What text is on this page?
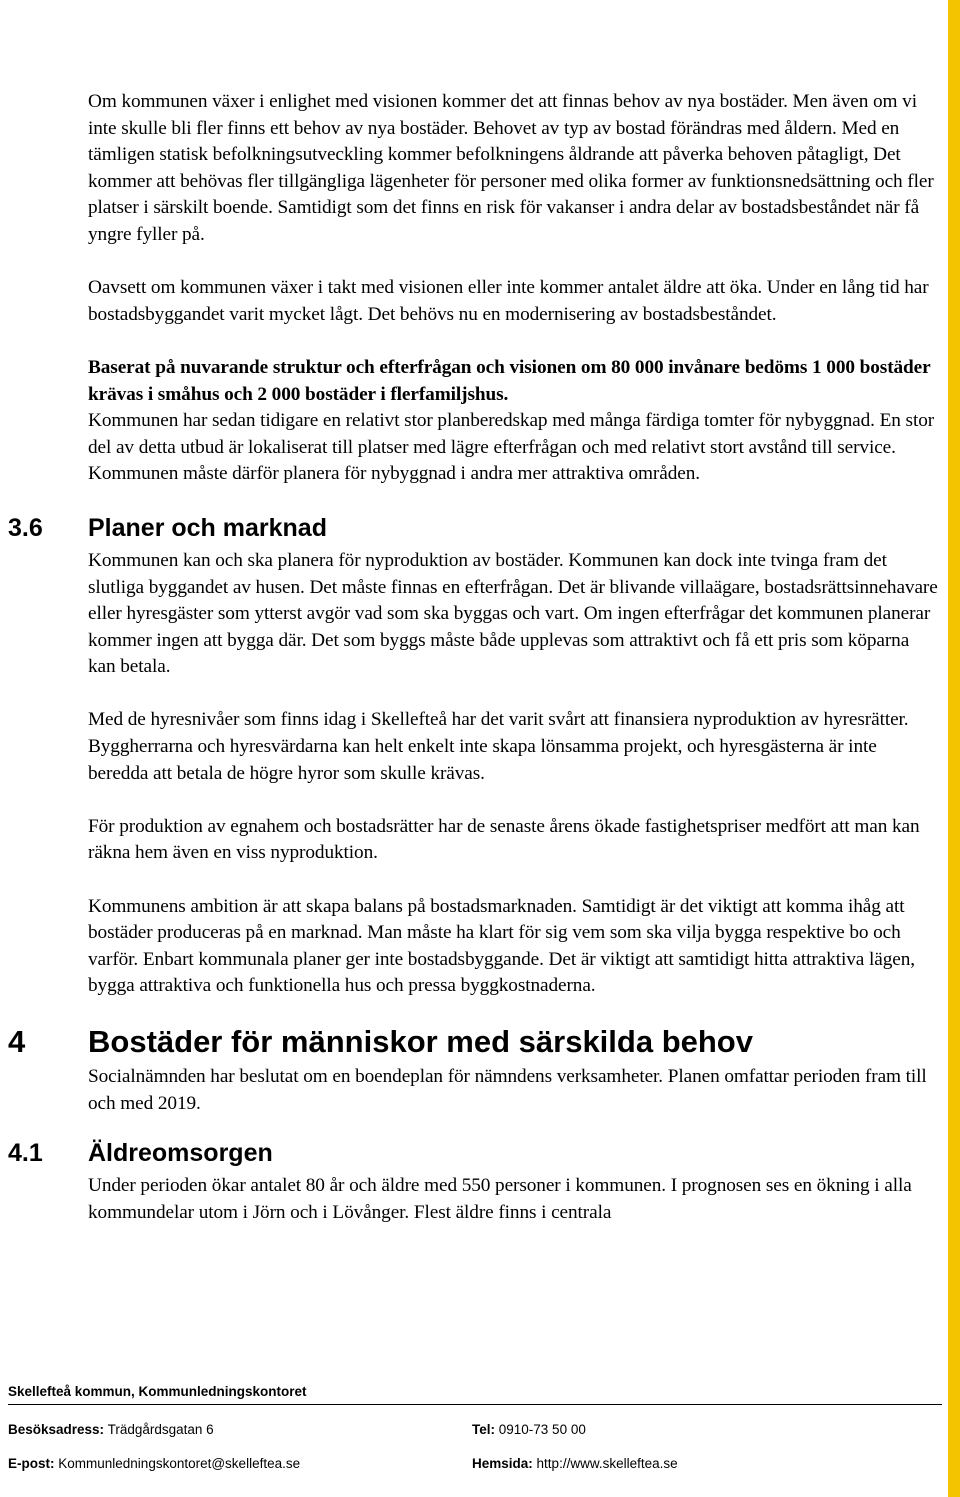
Om kommunen växer i enlighet med visionen kommer det att finnas behov av nya bostäder. Men även om vi inte skulle bli fler finns ett behov av nya bostäder. Behovet av typ av bostad förändras med åldern. Med en tämligen statisk befolkningsutveckling kommer befolkningens åldrande att påverka behoven påtagligt, Det kommer att behövas fler tillgängliga lägenheter för personer med olika former av funktionsnedsättning och fler platser i särskilt boende. Samtidigt som det finns en risk för vakanser i andra delar av bostadsbeståndet när få yngre fyller på.

Oavsett om kommunen växer i takt med visionen eller inte kommer antalet äldre att öka. Under en lång tid har bostadsbyggandet varit mycket lågt. Det behövs nu en modernisering av bostadsbeståndet.

Baserat på nuvarande struktur och efterfrågan och visionen om 80 000 invånare bedöms 1 000 bostäder krävas i småhus och 2 000 bostäder i flerfamiljshus.

Kommunen har sedan tidigare en relativt stor planberedskap med många färdiga tomter för nybyggnad. En stor del av detta utbud är lokaliserat till platser med lägre efterfrågan och med relativt stort avstånd till service. Kommunen måste därför planera för nybyggnad i andra mer attraktiva områden.

3.6 Planer och marknad

Kommunen kan och ska planera för nyproduktion av bostäder. Kommunen kan dock inte tvinga fram det slutliga byggandet av husen. Det måste finnas en efterfrågan. Det är blivande villaägare, bostadsrättsinnehavare eller hyresgäster som ytterst avgör vad som ska byggas och vart. Om ingen efterfrågar det kommunen planerar kommer ingen att bygga där. Det som byggs måste både upplevas som attraktivt och få ett pris som köparna kan betala.

Med de hyresnivåer som finns idag i Skellefteå har det varit svårt att finansiera nyproduktion av hyresrätter. Byggherrarna och hyresvärdarna kan helt enkelt inte skapa lönsamma projekt, och hyresgästerna är inte beredda att betala de högre hyror som skulle krävas.

För produktion av egnahem och bostadsrätter har de senaste årens ökade fastighetspriser medfört att man kan räkna hem även en viss nyproduktion.

Kommunens ambition är att skapa balans på bostadsmarknaden. Samtidigt är det viktigt att komma ihåg att bostäder produceras på en marknad. Man måste ha klart för sig vem som ska vilja bygga respektive bo och varför. Enbart kommunala planer ger inte bostadsbyggande. Det är viktigt att samtidigt hitta attraktiva lägen, bygga attraktiva och funktionella hus och pressa byggkostnaderna.

4 Bostäder för människor med särskilda behov

Socialnämnden har beslutat om en boendeplan för nämndens verksamheter. Planen omfattar perioden fram till och med 2019.

4.1 Äldreomsorgen

Under perioden ökar antalet 80 år och äldre med 550 personer i kommunen. I prognosen ses en ökning i alla kommundelar utom i Jörn och i Lövånger. Flest äldre finns i centrala

Skellefteå kommun, Kommunledningskontoret
Besöksadress: Trädgårdsgatan 6	Tel: 0910-73 50 00
E-post: Kommunledningskontoret@skelleftea.se	Hemsida: http://www.skelleftea.se
